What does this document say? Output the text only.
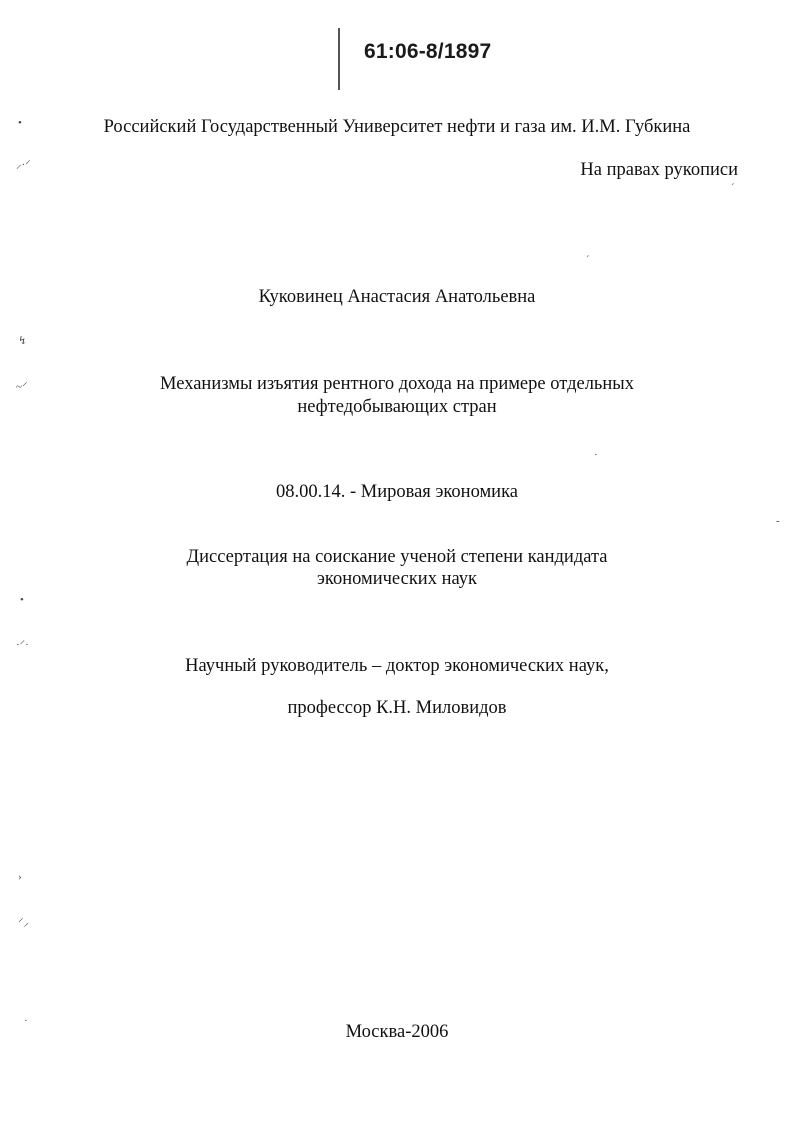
61:06-8/1897
Российский Государственный Университет нефти и газа им. И.М. Губкина
На правах рукописи
Куковинец Анастасия Анатольевна
Механизмы изъятия рентного дохода на примере отдельных
нефтедобывающих стран
08.00.14. - Мировая экономика
Диссертация на соискание ученой степени кандидата
экономических наук
Научный руководитель – доктор экономических наук,
профессор К.Н. Миловидов
Москва-2006
•
⸝·⸍
↯
~⸍
•
·⸍·
›
⸍⸝
´
´
-
·
·
